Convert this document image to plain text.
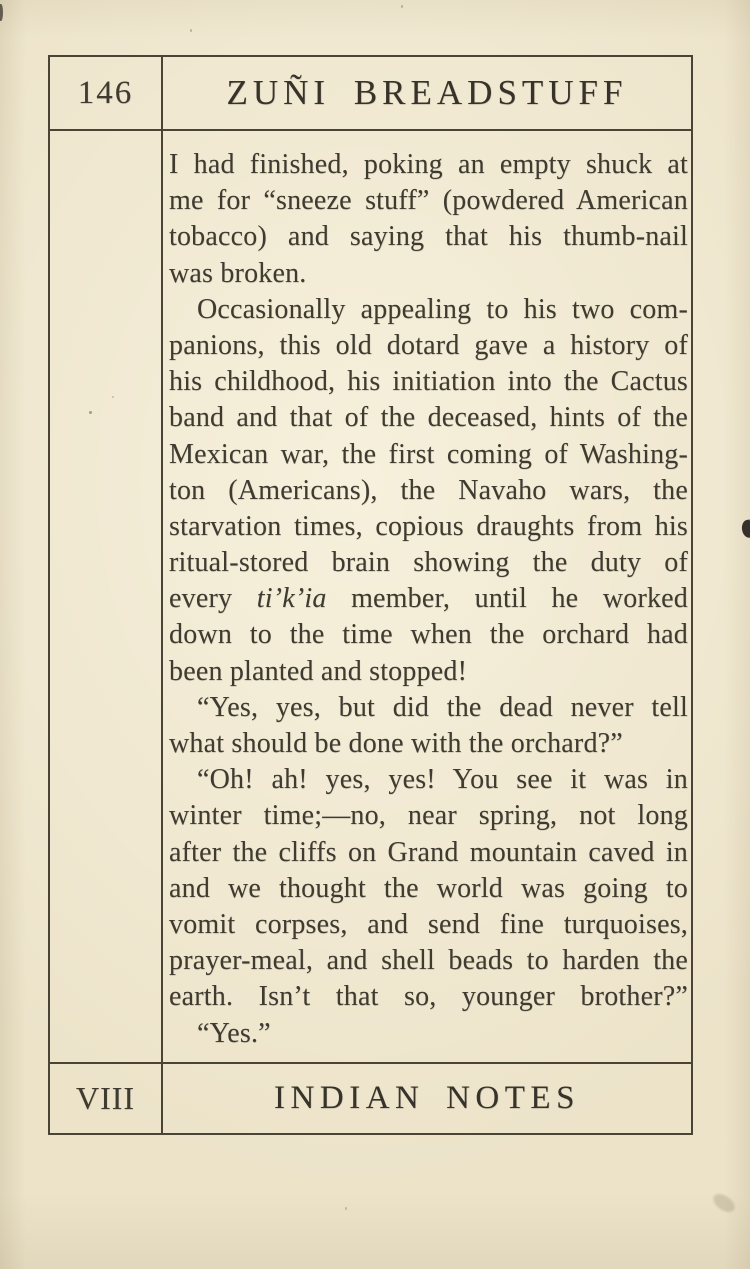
146	ZUÑI BREADSTUFF
I had finished, poking an empty shuck at
me for “sneeze stuff” (powdered American
tobacco) and saying that his thumb-nail
was broken.
Occasionally appealing to his two com-
panions, this old dotard gave a history of
his childhood, his initiation into the Cactus
band and that of the deceased, hints of the
Mexican war, the first coming of Washing-
ton (Americans), the Navaho wars, the
starvation times, copious draughts from his
ritual-stored brain showing the duty of
every ti’k’ia member, until he worked
down to the time when the orchard had
been planted and stopped!
“Yes, yes, but did the dead never tell
what should be done with the orchard?”
“Oh! ah! yes, yes! You see it was in
winter time;—no, near spring, not long
after the cliffs on Grand mountain caved in
and we thought the world was going to
vomit corpses, and send fine turquoises,
prayer-meal, and shell beads to harden the
earth. Isn’t that so, younger brother?”
“Yes.”
VIII	INDIAN NOTES
